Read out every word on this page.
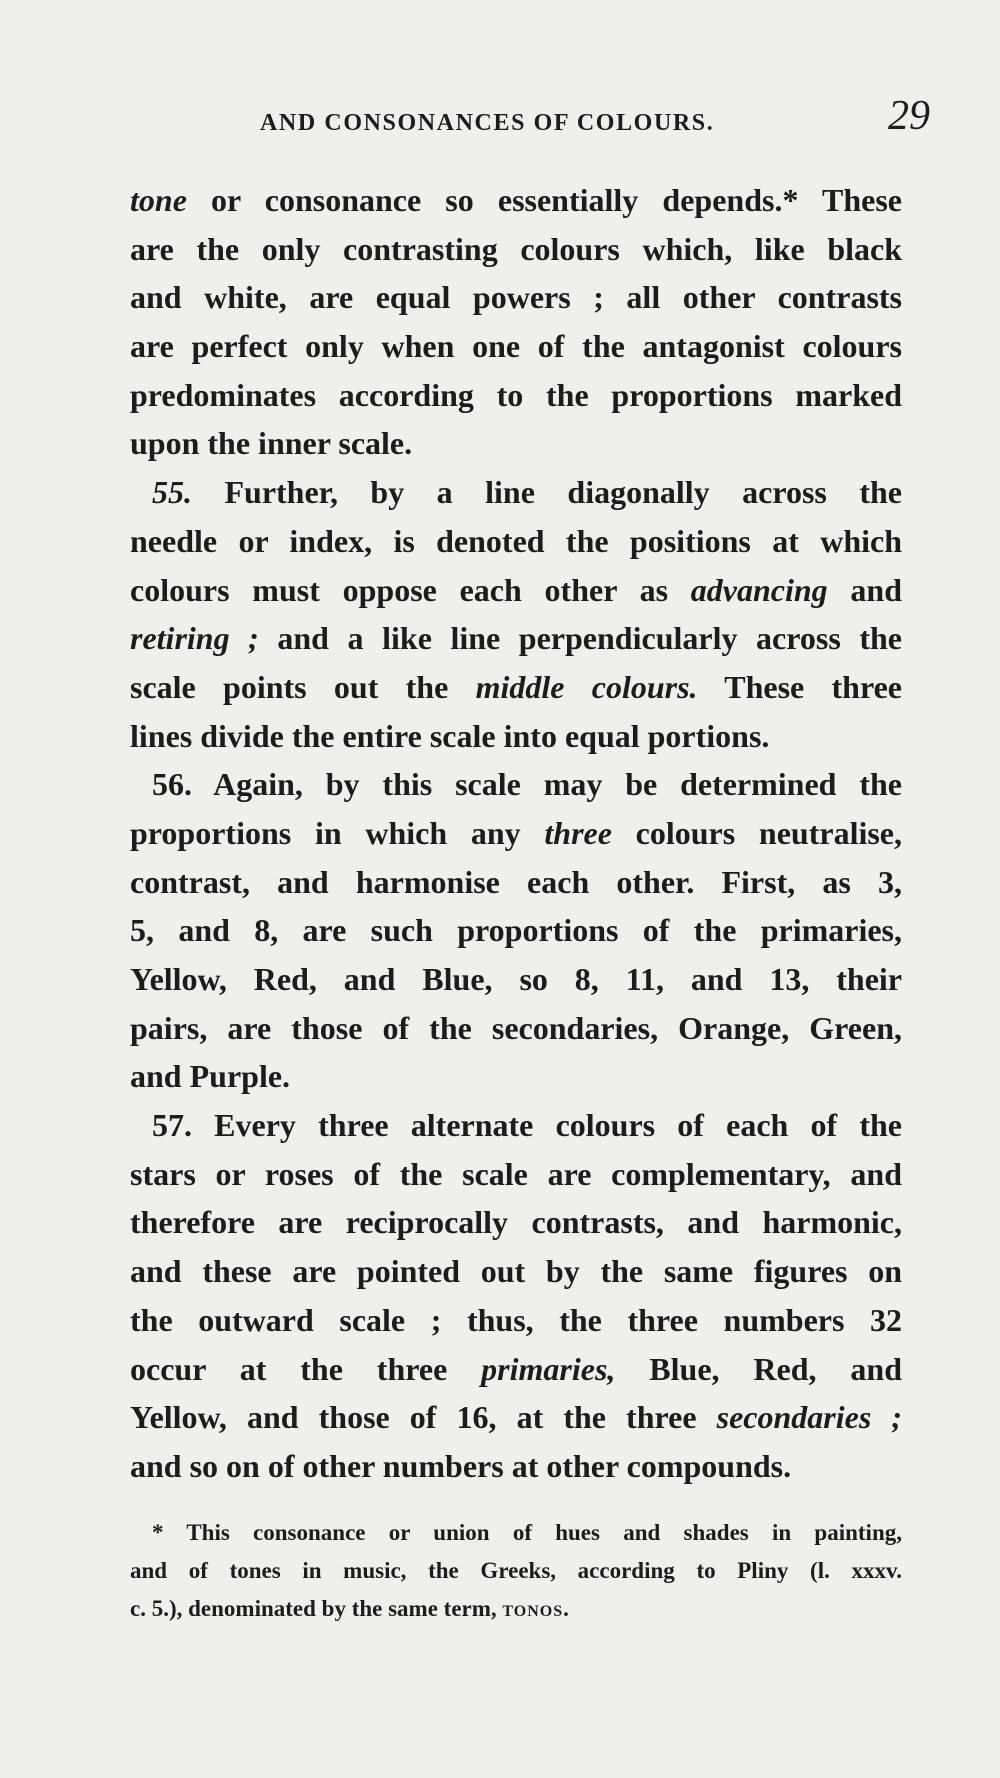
AND CONSONANCES OF COLOURS.	29
tone or consonance so essentially depends.* These
are the only contrasting colours which, like black
and white, are equal powers ; all other contrasts
are perfect only when one of the antagonist colours
predominates according to the proportions marked
upon the inner scale.
55. Further, by a line diagonally across the
needle or index, is denoted the positions at which
colours must oppose each other as advancing and
retiring ; and a like line perpendicularly across the
scale points out the middle colours. These three
lines divide the entire scale into equal portions.
56. Again, by this scale may be determined the
proportions in which any three colours neutralise,
contrast, and harmonise each other. First, as 3,
5, and 8, are such proportions of the primaries,
Yellow, Red, and Blue, so 8, 11, and 13, their
pairs, are those of the secondaries, Orange, Green,
and Purple.
57. Every three alternate colours of each of the
stars or roses of the scale are complementary, and
therefore are reciprocally contrasts, and harmonic,
and these are pointed out by the same figures on
the outward scale ; thus, the three numbers 32
occur at the three primaries, Blue, Red, and
Yellow, and those of 16, at the three secondaries ;
and so on of other numbers at other compounds.
* This consonance or union of hues and shades in painting,
and of tones in music, the Greeks, according to Pliny (l. xxxv.
c. 5.), denominated by the same term, tonos.
